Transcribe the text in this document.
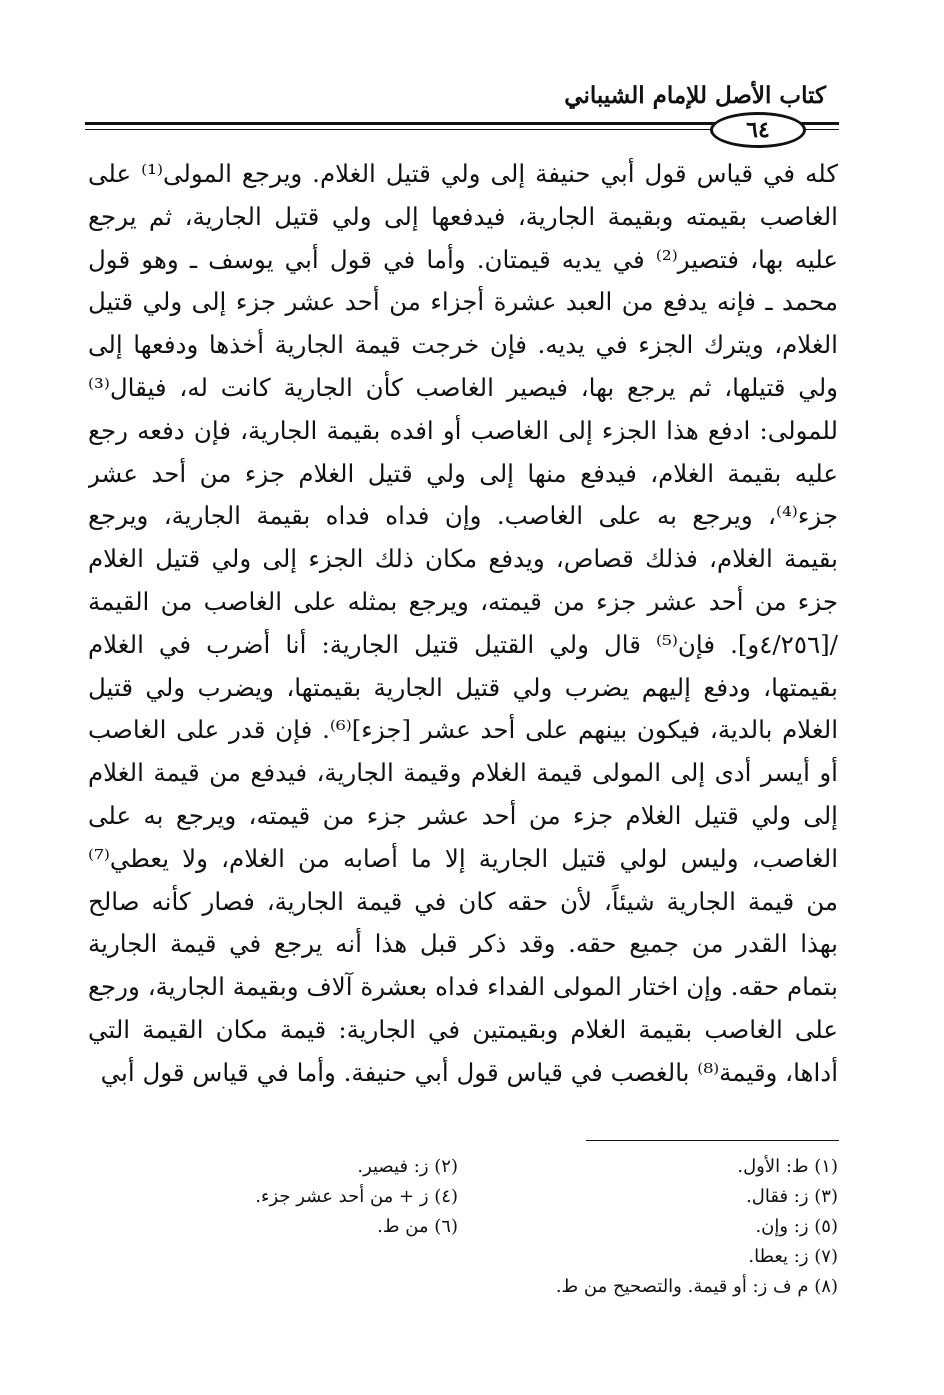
كتاب الأصل للإمام الشيباني
٦٤
كله في قياس قول أبي حنيفة إلى ولي قتيل الغلام. ويرجع المولى⁽¹⁾ على
الغاصب بقيمته وبقيمة الجارية، فيدفعها إلى ولي قتيل الجارية، ثم يرجع
عليه بها، فتصير⁽²⁾ في يديه قيمتان. وأما في قول أبي يوسف ـ وهو قول
محمد ـ فإنه يدفع من العبد عشرة أجزاء من أحد عشر جزء إلى ولي قتيل
الغلام، ويترك الجزء في يديه. فإن خرجت قيمة الجارية أخذها ودفعها إلى
ولي قتيلها، ثم يرجع بها، فيصير الغاصب كأن الجارية كانت له، فيقال⁽³⁾
للمولى: ادفع هذا الجزء إلى الغاصب أو افده بقيمة الجارية، فإن دفعه رجع
عليه بقيمة الغلام، فيدفع منها إلى ولي قتيل الغلام جزء من أحد عشر
جزء⁽⁴⁾، ويرجع به على الغاصب. وإن فداه فداه بقيمة الجارية، ويرجع
بقيمة الغلام، فذلك قصاص، ويدفع مكان ذلك الجزء إلى ولي قتيل الغلام
جزء من أحد عشر جزء من قيمته، ويرجع بمثله على الغاصب من القيمة
/[٤/٢٥٦و]. فإن⁽⁵⁾ قال ولي القتيل قتيل الجارية: أنا أضرب في الغلام
بقيمتها، ودفع إليهم يضرب ولي قتيل الجارية بقيمتها، ويضرب ولي قتيل
الغلام بالدية، فيكون بينهم على أحد عشر [جزء]⁽⁶⁾. فإن قدر على الغاصب
أو أيسر أدى إلى المولى قيمة الغلام وقيمة الجارية، فيدفع من قيمة الغلام
إلى ولي قتيل الغلام جزء من أحد عشر جزء من قيمته، ويرجع به على
الغاصب، وليس لولي قتيل الجارية إلا ما أصابه من الغلام، ولا يعطي⁽⁷⁾
من قيمة الجارية شيئاً، لأن حقه كان في قيمة الجارية، فصار كأنه صالح
بهذا القدر من جميع حقه. وقد ذكر قبل هذا أنه يرجع في قيمة الجارية
بتمام حقه. وإن اختار المولى الفداء فداه بعشرة آلاف وبقيمة الجارية، ورجع
على الغاصب بقيمة الغلام وبقيمتين في الجارية: قيمة مكان القيمة التي
أداها، وقيمة⁽⁸⁾ بالغصب في قياس قول أبي حنيفة. وأما في قياس قول أبي
(١) ط: الأول.
(٢) ز: فيصير.
(٣) ز: فقال.
(٤) ز + من أحد عشر جزء.
(٥) ز: وإن.
(٦) من ط.
(٧) ز: يعطا.
(٨) م ف ز: أو قيمة. والتصحيح من ط.
